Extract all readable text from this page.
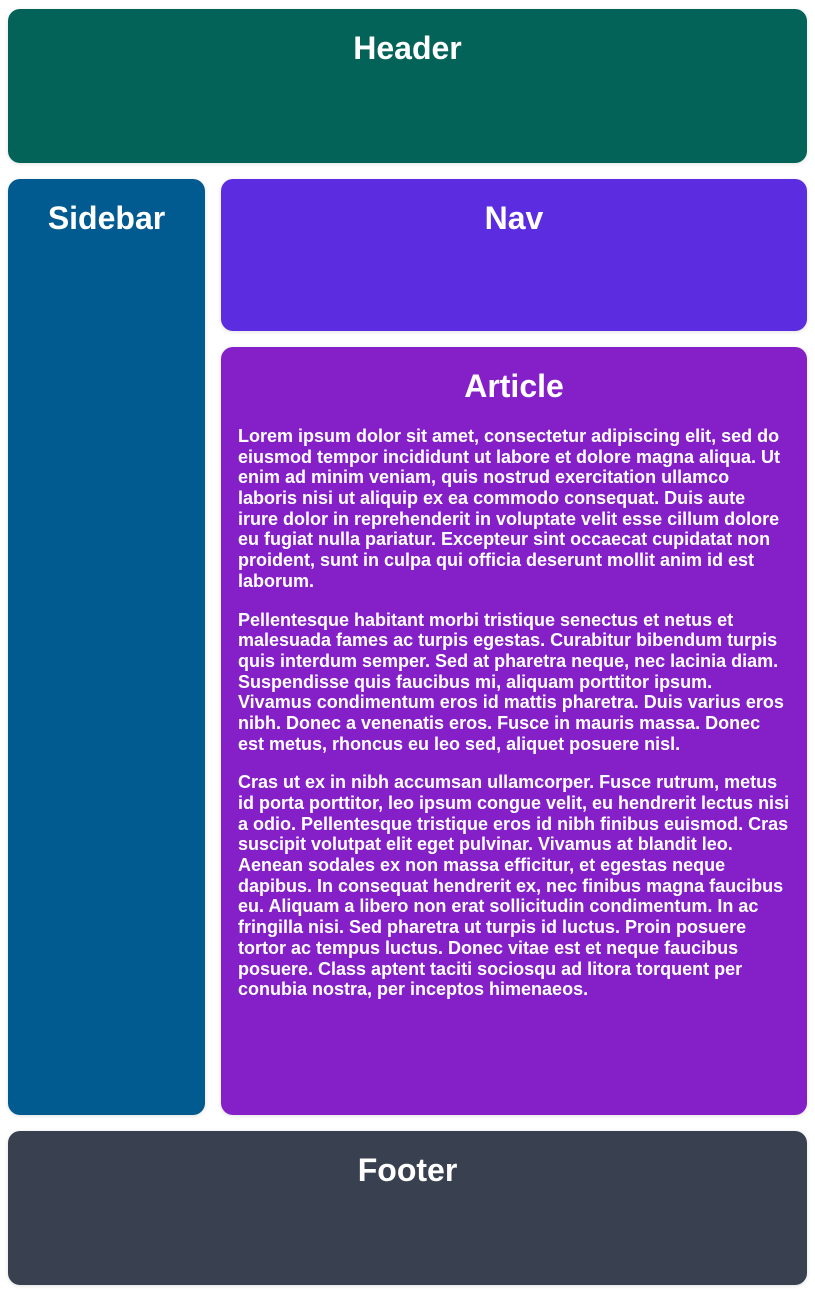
Header
Sidebar	Nav
Article

Lorem ipsum dolor sit amet, consectetur adipiscing elit, sed do eiusmod tempor incididunt ut labore et dolore magna aliqua. Ut enim ad minim veniam, quis nostrud exercitation ullamco laboris nisi ut aliquip ex ea commodo consequat. Duis aute irure dolor in reprehenderit in voluptate velit esse cillum dolore eu fugiat nulla pariatur. Excepteur sint occaecat cupidatat non proident, sunt in culpa qui officia deserunt mollit anim id est laborum.

Pellentesque habitant morbi tristique senectus et netus et malesuada fames ac turpis egestas. Curabitur bibendum turpis quis interdum semper. Sed at pharetra neque, nec lacinia diam. Suspendisse quis faucibus mi, aliquam porttitor ipsum. Vivamus condimentum eros id mattis pharetra. Duis varius eros nibh. Donec a venenatis eros. Fusce in mauris massa. Donec est metus, rhoncus eu leo sed, aliquet posuere nisl.

Cras ut ex in nibh accumsan ullamcorper. Fusce rutrum, metus id porta porttitor, leo ipsum congue velit, eu hendrerit lectus nisi a odio. Pellentesque tristique eros id nibh finibus euismod. Cras suscipit volutpat elit eget pulvinar. Vivamus at blandit leo. Aenean sodales ex non massa efficitur, et egestas neque dapibus. In consequat hendrerit ex, nec finibus magna faucibus eu. Aliquam a libero non erat sollicitudin condimentum. In ac fringilla nisi. Sed pharetra ut turpis id luctus. Proin posuere tortor ac tempus luctus. Donec vitae est et neque faucibus posuere. Class aptent taciti sociosqu ad litora torquent per conubia nostra, per inceptos himenaeos.

Footer
